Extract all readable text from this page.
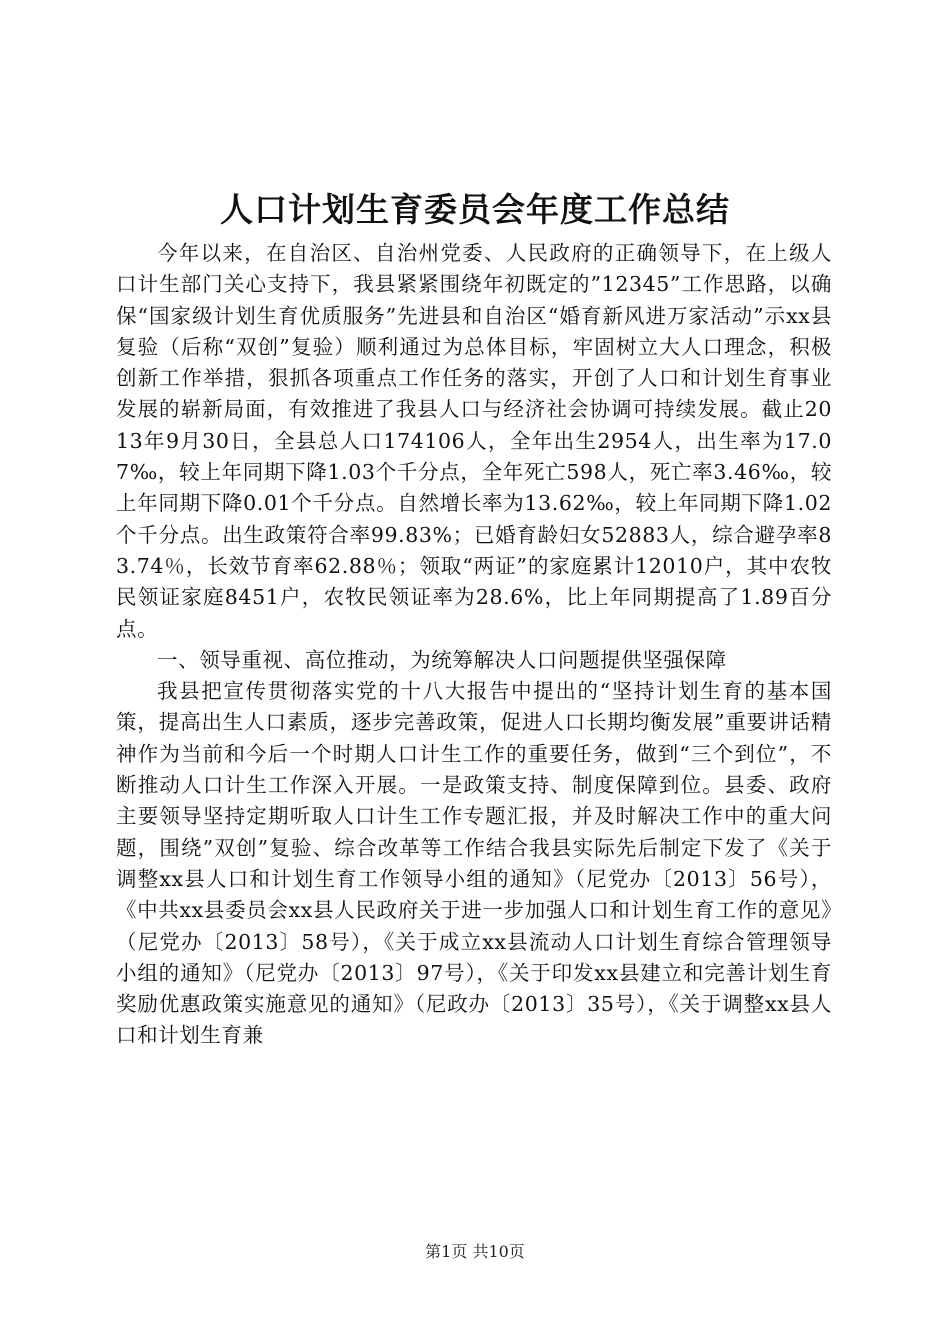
人口计划生育委员会年度工作总结

今年以来，在自治区、自治州党委、人民政府的正确领导下，在上级人口计生部门关心支持下，我县紧紧围绕年初既定的”12345”工作思路，以确保“国家级计划生育优质服务”先进县和自治区“婚育新风进万家活动”示xx县复验（后称“双创”复验）顺利通过为总体目标，牢固树立大人口理念，积极创新工作举措，狠抓各项重点工作任务的落实，开创了人口和计划生育事业发展的崭新局面，有效推进了我县人口与经济社会协调可持续发展。截止2013年9月30日，全县总人口174106人，全年出生2954人，出生率为17.07‰，较上年同期下降1.03个千分点，全年死亡598人，死亡率3.46‰，较上年同期下降0.01个千分点。自然增长率为13.62‰，较上年同期下降1.02个千分点。出生政策符合率99.83%；已婚育龄妇女52883人，综合避孕率83.74％，长效节育率62.88％；领取“两证”的家庭累计12010户，其中农牧民领证家庭8451户，农牧民领证率为28.6%，比上年同期提高了1.89百分点。

一、领导重视、高位推动，为统筹解决人口问题提供坚强保障

我县把宣传贯彻落实党的十八大报告中提出的“坚持计划生育的基本国策，提高出生人口素质，逐步完善政策，促进人口长期均衡发展”重要讲话精神作为当前和今后一个时期人口计生工作的重要任务，做到“三个到位”，不断推动人口计生工作深入开展。一是政策支持、制度保障到位。县委、政府主要领导坚持定期听取人口计生工作专题汇报，并及时解决工作中的重大问题，围绕”双创”复验、综合改革等工作结合我县实际先后制定下发了《关于调整xx县人口和计划生育工作领导小组的通知》（尼党办〔2013〕56号），《中共xx县委员会xx县人民政府关于进一步加强人口和计划生育工作的意见》（尼党办〔2013〕58号），《关于成立xx县流动人口计划生育综合管理领导小组的通知》（尼党办〔2013〕97号），《关于印发xx县建立和完善计划生育奖励优惠政策实施意见的通知》（尼政办〔2013〕35号），《关于调整xx县人口和计划生育兼

第1页 共10页
